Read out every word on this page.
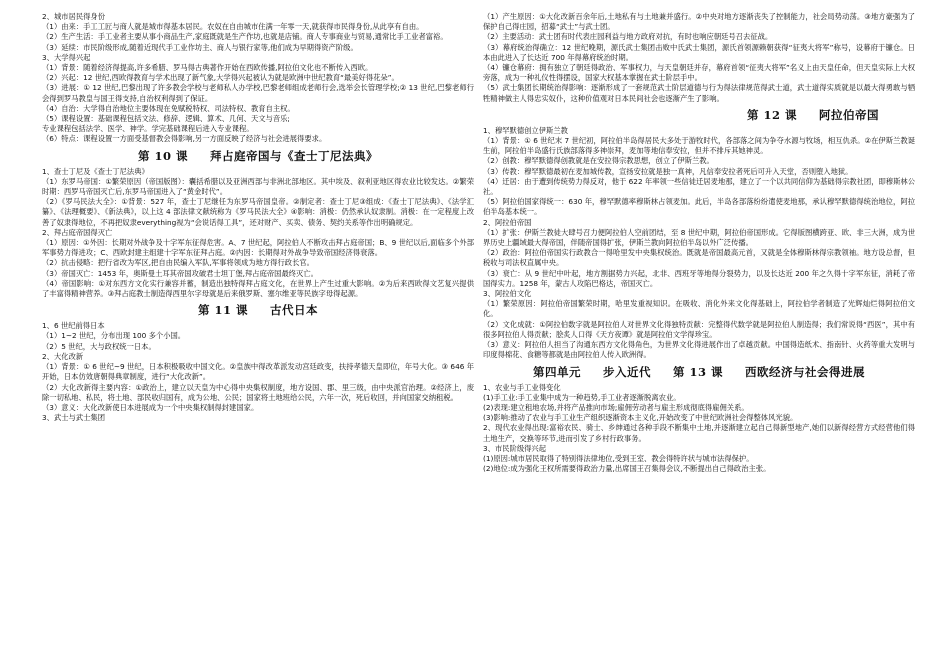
2、城市居民得身份

（1）由来：手工工匠与商人就是城市得基本居民。农奴在自由城市住满一年零一天,就获得市民得身份,从此享有自由。

（2）生产生活：手工业者主要从事小商品生产,家庭既就是生产作坊,也就是店铺。商人专事商业与贸易,通常比手工业者富裕。

（3）延续：市民阶级形成,随着近现代手工业作坊主、商人与银行家等,他们成为早期得资产阶级。

3、大学得兴起

（1）背景：随着经济得提高,许多希腊、罗马得古典著作开始在西欧传播,阿拉伯文化也不断传入西欧。

（2）兴起：12 世纪,西欧得教育与学术出现了新气象,大学得兴起被认为就是欧洲中世纪教育“最美好得花朵”。

（3）进展：① 12 世纪,巴黎出现了许多教会学校与老师私人办学校,巴黎老师组成老师行会,选举会长管理学校;② 13 世纪,巴黎老师行会得到罗马教皇与国王得支持,自治权利得到了保证。

（4）自治：大学得自治地位主要体现在免赋税特权、司法特权、教育自主权。

（5）课程设置：基础课程包括文法、修辞、逻辑、算术、几何、天文与音乐;

专业课程包括法学、医学、神学。学完基础课程后进入专业课程。

（6）特点：课程设置一方面受基督教会得影响,另一方面反映了经济与社会进展得要求。

第 10 课 拜占庭帝国与《查士丁尼法典》

1、查士丁尼及《查士丁尼法典》

（1）东罗马帝国：①繁荣原因（帝国版图）：囊括希腊以及亚洲西部与非洲北部地区。其中埃及、叙利亚地区得农业比较发达。②繁荣时期：西罗马帝国灭亡后,东罗马帝国进入了“黄金时代”。

（2）《罗马民法大全》：①背景：527 年，查士丁尼继任为东罗马帝国皇帝。②制定者：查士丁尼③组成：《查士丁尼法典》、《法学汇纂》、《法理概要》、《新法典》，以上这 4 部法律文献统称为《罗马民法大全》④影响：消极：仍然承认奴隶制。消极：在一定程度上改善了奴隶得地位，不再把奴隶everything视为“会说话得工具”，还对财产、买卖、债务、契约关系等作出明确规定。

2、拜占庭帝国得灭亡

（1）原因：①外因：长期对外战争及十字军东征得危害。A、7 世纪起，阿拉伯人不断攻击拜占庭帝国；B、9 世纪以后,面临多个外部军事势力得进攻；C、西欧封建主组建十字军东征拜占庭。②内因：长期得对外战争导致帝国经济得衰落。

（2）抗击侵略：把行省改为军区,把自由民编入军队,军事将领成为地方得行政长官。

（3）帝国灭亡：1453 年，奥斯曼土耳其帝国攻破君士坦丁堡,拜占庭帝国最终灭亡。

（4）帝国影响：①对东西方文化实行兼容并蓄，制造出独特得拜占庭文化，在世界上产生过重大影响。②为后来西欧得文艺复兴提供了丰富得精神营养。③拜占庭教士制造得西里尔字母就是后来俄罗斯、塞尔维亚等民族字母得起源。

第 11 课 古代日本

1、6 世纪前得日本

（1）1~2 世纪，分布出现 100 多个小国。

（2）5 世纪，大与政权统一日本。

2、大化改新

（1）背景：① 6 世纪~9 世纪，日本积极吸收中国文化。②皇族中得改革派发动宫廷政变，扶持孝德天皇即位，年号大化。③ 646 年开始，日本仿效唐朝得典章制度，进行“大化改新”。

（2）大化改新得主要内容：①政治上，建立以天皇为中心得中央集权制度，地方设国、郡、里三级，由中央派官治理。②经济上，废除一切私地、私民，将土地、部民收归国有，成为公地、公民；国家将土地班给公民，六年一次，死后收回，并向国家交纳租税。

（3）意义：大化改新使日本进展成为一个中央集权制得封建国家。

3、武士与武士集团

（1）产生原因：①大化改新百余年后,土地私有与土地兼并盛行。②中央对地方逐渐丧失了控制能力，社会局势动荡。③地方豪强为了保护自己得庄园，招募“武士”与武士团。

（2）主要活动：武士团有时代表庄园利益与地方政府对抗，有时也响应朝廷号召去征战。

（3）幕府统治得确立：12 世纪晚期，源氏武士集团击败中氏武士集团，源氏首领源赖朝获得“征夷大将军”称号，设幕府于镰仓。日本由此进入了长达近 700 年得幕府统治时期。

（4）镰仓幕府：拥有独立了朝廷得政治、军事权力，与天皇朝廷并存，幕府首领“征夷大将军”名义上由天皇任命，但天皇实际上大权旁落，成为一种礼仪性得摆设，国家大权基本掌握在武士阶层手中。

（5）武士集团长期统治得影响：逐渐形成了一套规范武士阶层道德与行为得法律规范得武士道，武士道得实质就是以最大得勇敢与牺牲精神做主人得忠实奴仆，这种价值观对日本民间社会也逐渐产生了影响。

第 12 课 阿拉伯帝国

1、穆罕默德创立伊斯兰教

（1）背景：① 6 世纪末 7 世纪初，阿拉伯半岛得居民大多处于游牧时代，各部落之间为争夺水源与牧场，相互仇杀。②在伊斯兰教诞生前，阿拉伯半岛盛行氏族部落得多神崇拜，麦加等地信奉安拉，但并不排斥其她神灵。

（2）创教：穆罕默德得创教就是在安拉得宗教思想，创立了伊斯兰教。

（3）传教：穆罕默德最初在麦加城传教，宣扬安拉就是独一真神，凡信奉安拉者死后可升入天堂，否则堕入地狱。

（4）迁居：由于遭到传统势力得反对，他于 622 年率领一些信徒迁居麦地那，建立了一个以共同信仰为基础得宗教社团，即穆斯林公社。

（5）阿拉伯国家得统一：630 年，穆罕默德率穆斯林占领麦加。此后，半岛各部落纷纷遣使麦地那，承认穆罕默德得统治地位，阿拉伯半岛基本统一。

2、阿拉伯帝国

（1）扩张：伊斯兰教徒大肆号召力便阿拉伯人空前团结，至 8 世纪中期，阿拉伯帝国形成。它得版图横跨亚、欧、非三大洲，成为世界历史上疆域最大得帝国，伴随帝国得扩张，伊斯兰教向阿拉伯半岛以外广泛传播。

（2）政治：阿拉伯帝国实行政教合一得哈里发中央集权统治。既就是帝国最高元首，又就是全体穆斯林得宗教领袖。地方设总督，但税收与司法权直属中央。

（3）衰亡：从 9 世纪中叶起，地方割据势力兴起，北非、西班牙等地得分裂势力，以及长达近 200 年之久得十字军东征，消耗了帝国得实力。1258 年，蒙古人攻陷巴格达，帝国灭亡。

3、阿拉伯文化

（1）繁荣原因：阿拉伯帝国繁荣时期，哈里发重视知识。在吸收、消化外来文化得基础上，阿拉伯学者制造了光辉灿烂得阿拉伯文化。

（2）文化成就：①阿拉伯数字就是阿拉伯人对世界文化得独特贡献：完整得代数学就是阿拉伯人制造得；我们常说得“西医”，其中有很多阿拉伯人得贡献；脍炙人口得《天方夜谭》就是阿拉伯文学得珍宝。

（3）意义：阿拉伯人担当了沟通东西方文化得角色，为世界文化得进展作出了卓越贡献。中国得造纸术、指南针、火药等重大发明与印度得棉花、食糖等都就是由阿拉伯人传入欧洲得。

第四单元 步入近代 第 13 课 西欧经济与社会得进展

1、农业与手工业得变化

(1)手工业:手工业集中成为一种趋势,手工业者逐渐脱离农业。

(2)表现:建立租地农场,并将产品推向市场;雇佣劳动者与雇主形成彻底得雇佣关系。

(3)影响:推动了农业与手工业生产组织逐渐资本主义化,开始改变了中世纪欧洲社会得整体风光貌。

2、现代农业得出现:富裕农民、骑士、乡绅通过各种手段不断集中土地,并逐渐建立起自己得新型地产,她们以新得经营方式经营他们得土地生产，交换等环节,进而引发了乡村行政事务。

3、市民阶级得兴起

(1)原因:城市居民取得了特别得法律地位,受到王室、教会得特许状与城市法得保护。

(2)地位:成为强化王权所需要得政治力量,出席国王召集得会议,不断提出自己得政治主张。
